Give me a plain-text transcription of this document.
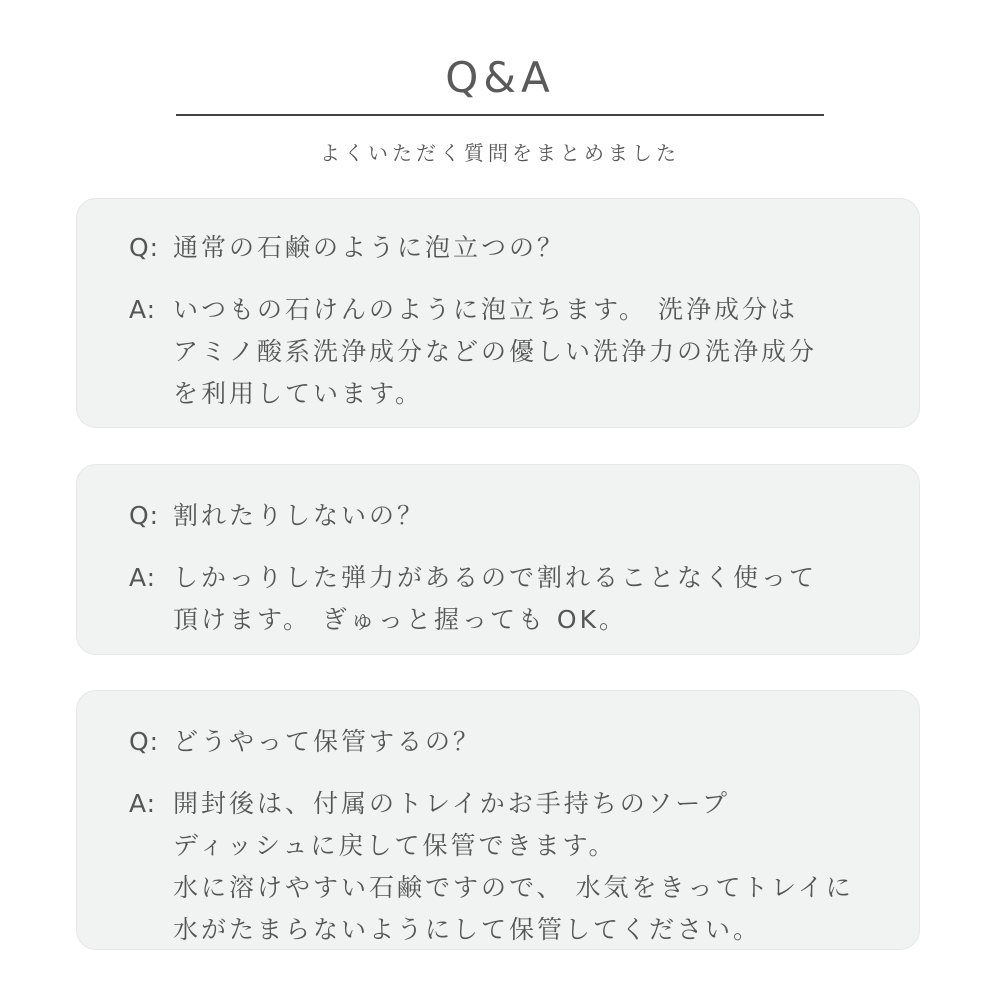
Q&A
よくいただく質問をまとめました
Q: 通常の石鹸のように泡立つの？
A: いつもの石けんのように泡立ちます。 洗浄成分は
アミノ酸系洗浄成分などの優しい洗浄力の洗浄成分
を利用しています。
Q: 割れたりしないの？
A: しかっりした弾力があるので割れることなく使って
頂けます。 ぎゅっと握っても OK。
Q: どうやって保管するの？
A: 開封後は、付属のトレイかお手持ちのソープ
ディッシュに戻して保管できます。
水に溶けやすい石鹸ですので、 水気をきってトレイに
水がたまらないようにして保管してください。
